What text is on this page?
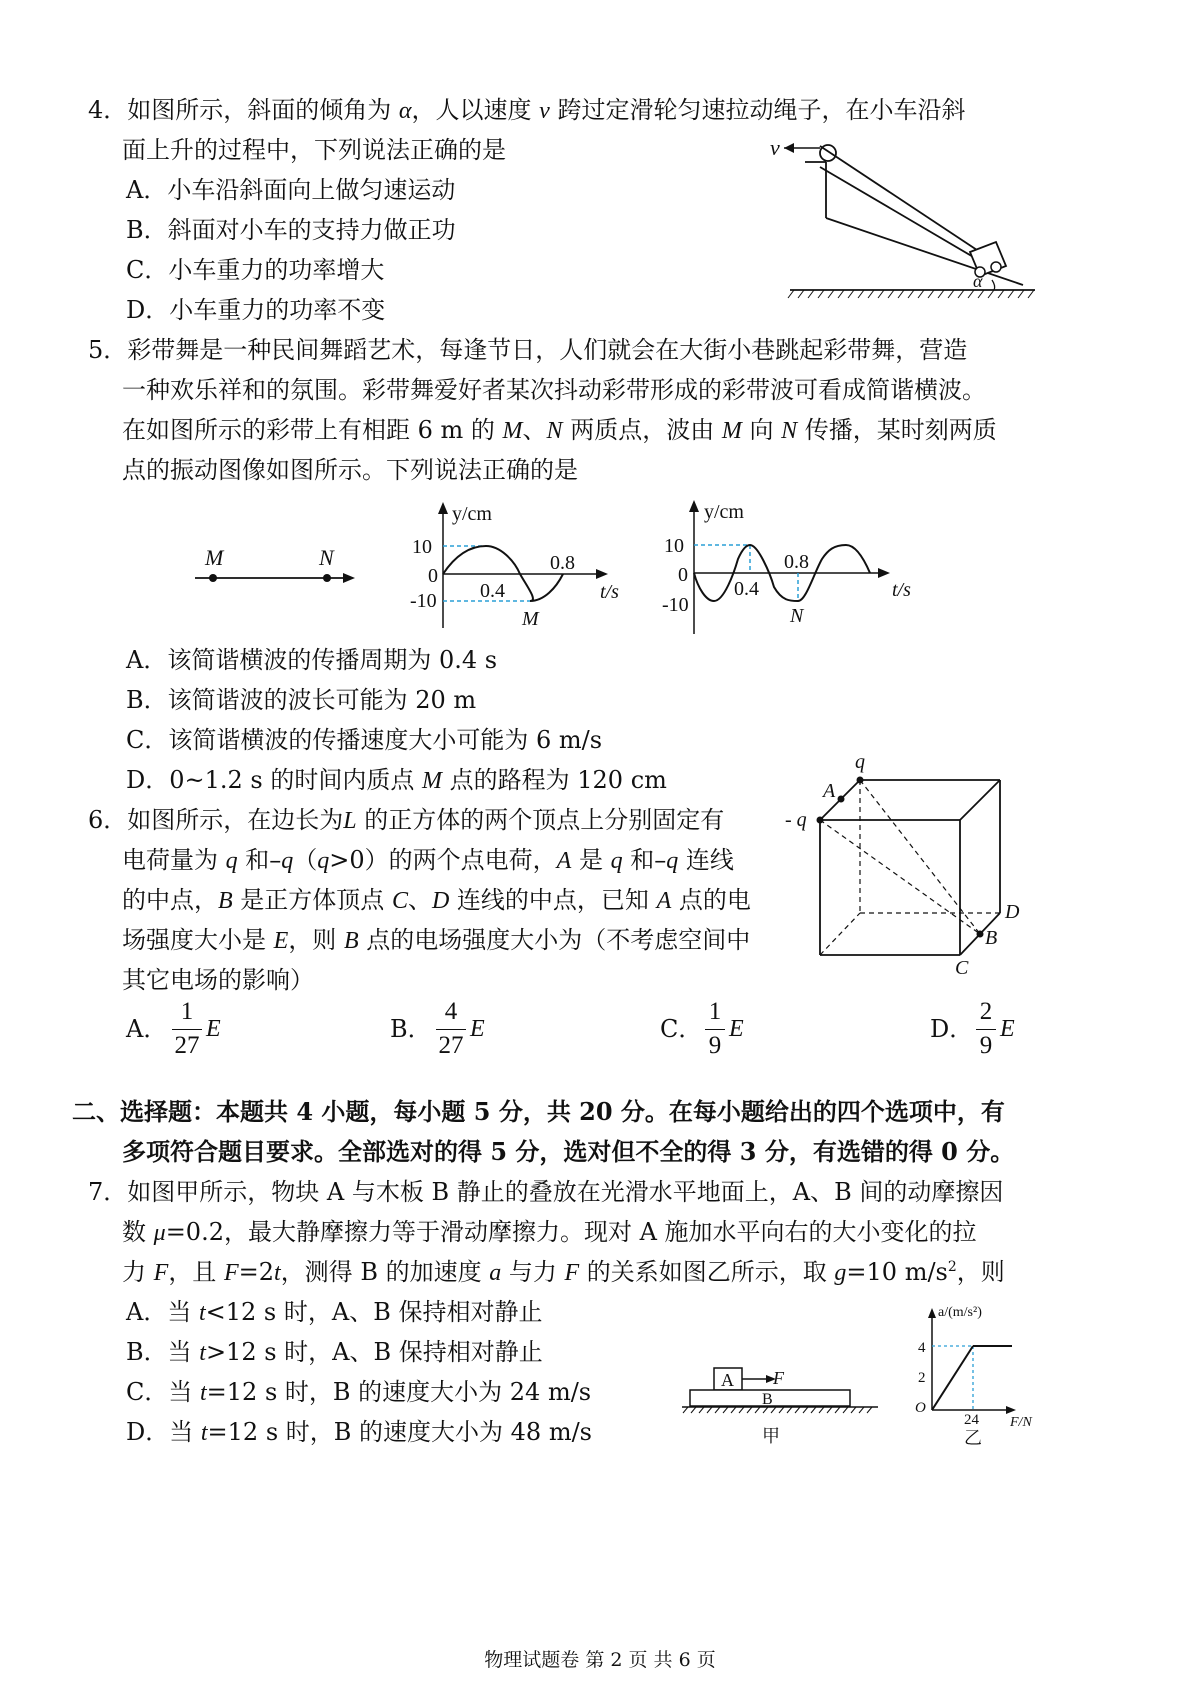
4．如图所示，斜面的倾角为 α，人以速度 v 跨过定滑轮匀速拉动绳子，在小车沿斜
面上升的过程中，下列说法正确的是
A．小车沿斜面向上做匀速运动
B．斜面对小车的支持力做正功
C．小车重力的功率增大
D．小车重力的功率不变
v
α
5．彩带舞是一种民间舞蹈艺术，每逢节日，人们就会在大街小巷跳起彩带舞，营造
一种欢乐祥和的氛围。彩带舞爱好者某次抖动彩带形成的彩带波可看成简谐横波。
在如图所示的彩带上有相距 6 m 的 M、N 两质点，波由 M 向 N 传播，某时刻两质
点的振动图像如图所示。下列说法正确的是
M	N
y/cm
10
0
-10 0.4
0.8
t/s
M
y/cm
10
0
-10
0.4
0.8
t/s
N
A．该简谐横波的传播周期为 0.4 s
B．该简谐波的波长可能为 20 m
C．该简谐横波的传播速度大小可能为 6 m/s
D．0~1.2 s 的时间内质点 M 点的路程为 120 cm
6．如图所示，在边长为L 的正方体的两个顶点上分别固定有
电荷量为 q 和–q（q>0）的两个点电荷，A 是 q 和–q 连线
的中点，B 是正方体顶点 C、D 连线的中点，已知 A 点的电
场强度大小是 E，则 B 点的电场强度大小为（不考虑空间中
其它电场的影响）
q
- q
A
D
B
C
A．
1
27
E	B．
4
27
E	C．
1
9
E	D．
2
9
E
二、选择题：本题共 4 小题，每小题 5 分，共 20 分。在每小题给出的四个选项中，有
多项符合题目要求。全部选对的得 5 分，选对但不全的得 3 分，有选错的得 0 分。
7．如图甲所示，物块 A 与木板 B 静止的叠放在光滑水平地面上，A、B 间的动摩擦因
数 μ=0.2，最大静摩擦力等于滑动摩擦力。现对 A 施加水平向右的大小变化的拉
力 F，且 F=2t，测得 B 的加速度 a 与力 F 的关系如图乙所示，取 g=10 $m/s^2$，则
A．当 t<12 s 时，A、B 保持相对静止
B．当 t>12 s 时，A、B 保持相对静止
C．当 t=12 s 时，B 的速度大小为 24 m/s
D．当 t=12 s 时，B 的速度大小为 48 m/s
A F
B
甲
a/(m/s²)
4
2
O
24 F/N
乙
物理试题卷 第 2 页 共 6 页
